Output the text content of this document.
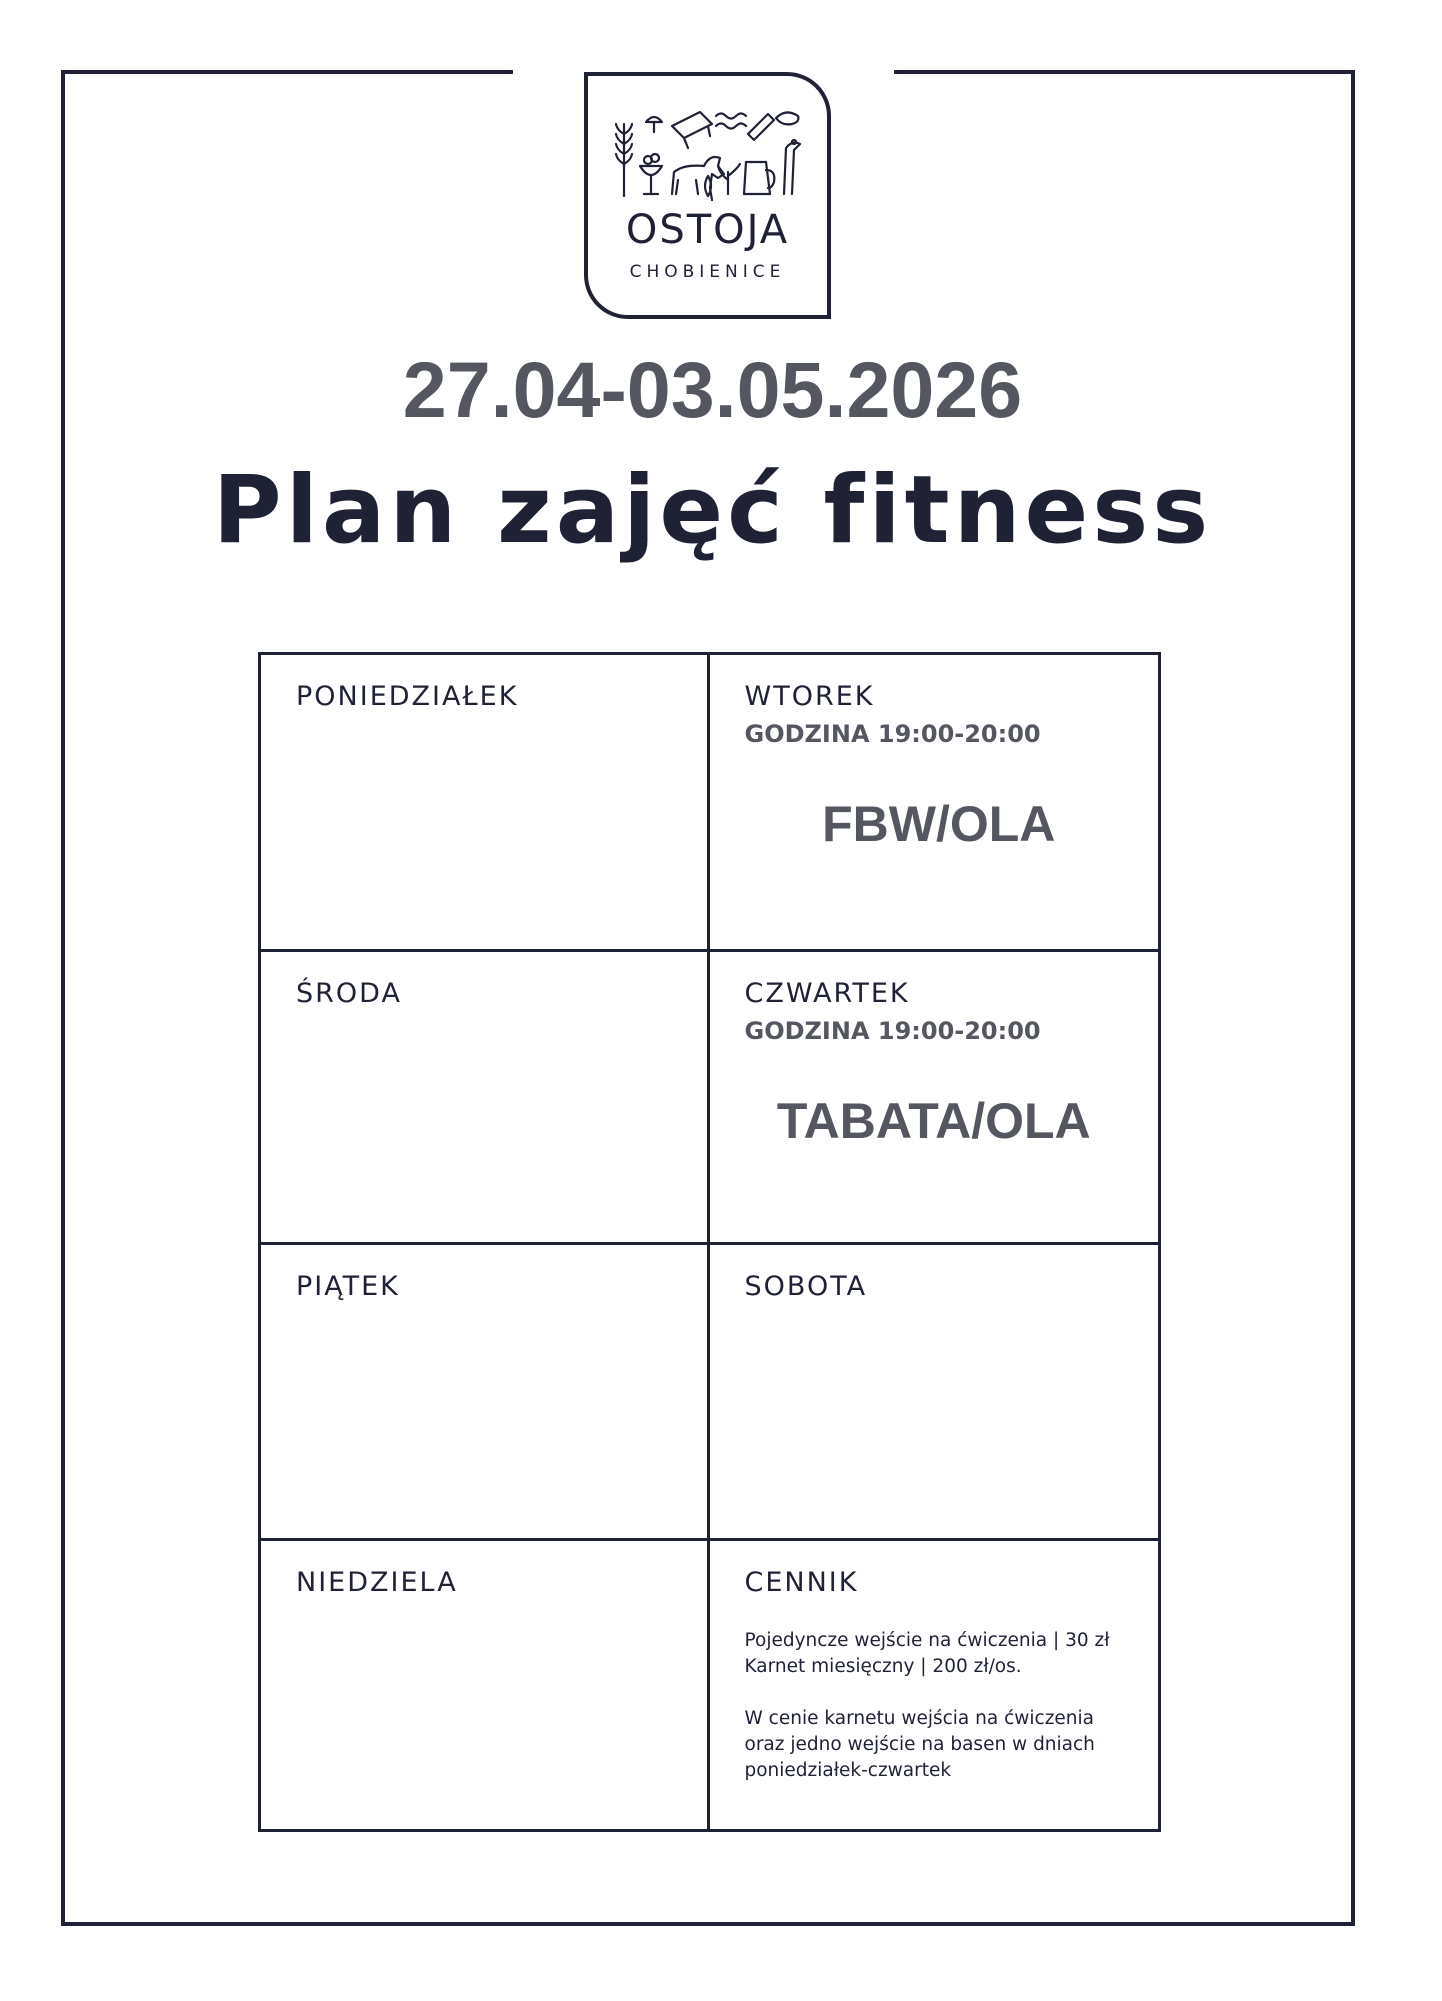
OSTOJA
CHOBIENICE
27.04-03.05.2026
Plan zajęć fitness
PONIEDZIAŁEK	WTOREK
GODZINA 19:00-20:00
FBW/OLA
ŚRODA	CZWARTEK
GODZINA 19:00-20:00
TABATA/OLA
PIĄTEK	SOBOTA
NIEDZIELA	CENNIK
Pojedyncze wejście na ćwiczenia | 30 zł
Karnet miesięczny | 200 zł/os.
W cenie karnetu wejścia na ćwiczenia
oraz jedno wejście na basen w dniach
poniedziałek-czwartek
